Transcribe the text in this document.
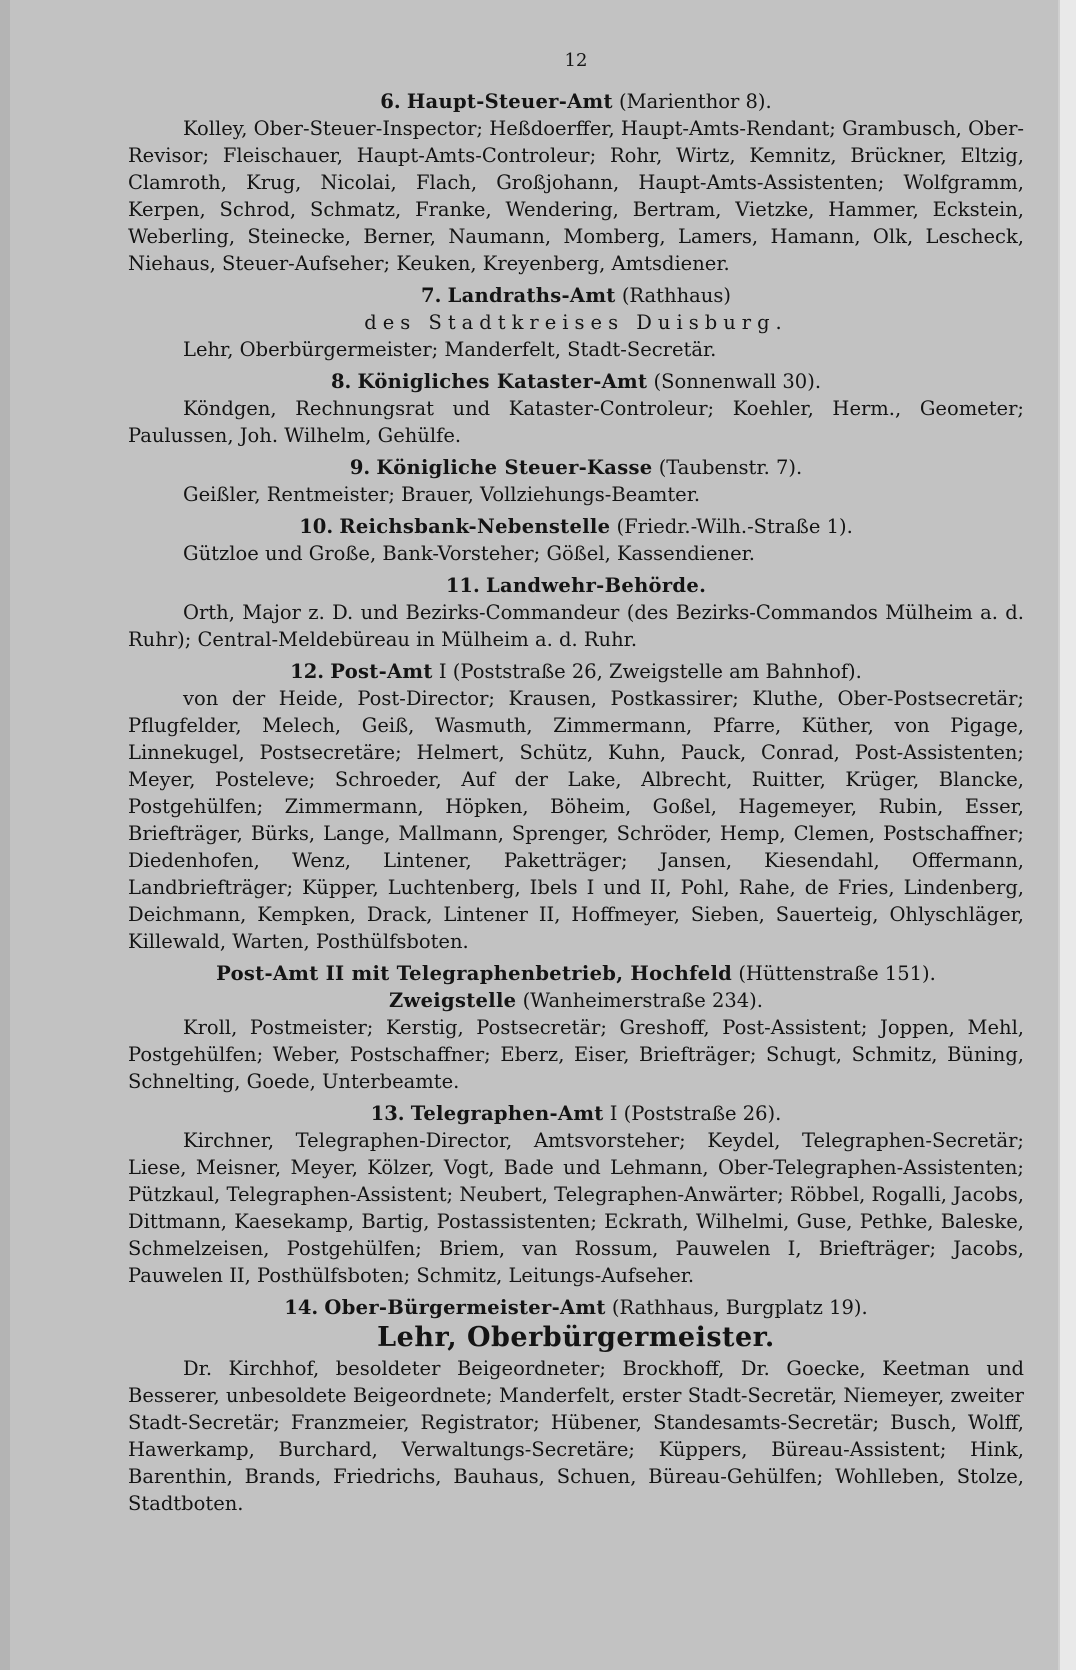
12
6. Haupt-Steuer-Amt (Marienthor 8).

Kolley, Ober-Steuer-Inspector; Heßdoerffer, Haupt-Amts-Rendant; Grambusch, Ober-Revisor; Fleischauer, Haupt-Amts-Controleur; Rohr, Wirtz, Kemnitz, Brückner, Eltzig, Clamroth, Krug, Nicolai, Flach, Großjohann, Haupt-Amts-Assistenten; Wolfgramm, Kerpen, Schrod, Schmatz, Franke, Wendering, Bertram, Vietzke, Hammer, Eckstein, Weberling, Steinecke, Berner, Naumann, Momberg, Lamers, Hamann, Olk, Lescheck, Niehaus, Steuer-Aufseher; Keuken, Kreyenberg, Amtsdiener.

7. Landraths-Amt (Rathhaus)
des Stadtkreises Duisburg.

Lehr, Oberbürgermeister; Manderfelt, Stadt-Secretär.

8. Königliches Kataster-Amt (Sonnenwall 30).

Köndgen, Rechnungsrat und Kataster-Controleur; Koehler, Herm., Geometer; Paulussen, Joh. Wilhelm, Gehülfe.

9. Königliche Steuer-Kasse (Taubenstr. 7).

Geißler, Rentmeister; Brauer, Vollziehungs-Beamter.

10. Reichsbank-Nebenstelle (Friedr.-Wilh.-Straße 1).

Gützloe und Große, Bank-Vorsteher; Gößel, Kassendiener.

11. Landwehr-Behörde.

Orth, Major z. D. und Bezirks-Commandeur (des Bezirks-Commandos Mülheim a. d. Ruhr); Central-Meldebüreau in Mülheim a. d. Ruhr.

12. Post-Amt I (Poststraße 26, Zweigstelle am Bahnhof).

von der Heide, Post-Director; Krausen, Postkassirer; Kluthe, Ober-Postsecretär; Pflugfelder, Melech, Geiß, Wasmuth, Zimmermann, Pfarre, Küther, von Pigage, Linnekugel, Postsecretäre; Helmert, Schütz, Kuhn, Pauck, Conrad, Post-Assistenten; Meyer, Posteleve; Schroeder, Auf der Lake, Albrecht, Ruitter, Krüger, Blancke, Postgehülfen; Zimmermann, Höpken, Böheim, Goßel, Hagemeyer, Rubin, Esser, Briefträger, Bürks, Lange, Mallmann, Sprenger, Schröder, Hemp, Clemen, Postschaffner; Diedenhofen, Wenz, Lintener, Paketträger; Jansen, Kiesendahl, Offermann, Landbriefträger; Küpper, Luchtenberg, Ibels I und II, Pohl, Rahe, de Fries, Lindenberg, Deichmann, Kempken, Drack, Lintener II, Hoffmeyer, Sieben, Sauerteig, Ohlyschläger, Killewald, Warten, Posthülfsboten.

Post-Amt II mit Telegraphenbetrieb, Hochfeld (Hüttenstraße 151).
Zweigstelle (Wanheimerstraße 234).

Kroll, Postmeister; Kerstig, Postsecretär; Greshoff, Post-Assistent; Joppen, Mehl, Postgehülfen; Weber, Postschaffner; Eberz, Eiser, Briefträger; Schugt, Schmitz, Büning, Schnelting, Goede, Unterbeamte.

13. Telegraphen-Amt I (Poststraße 26).

Kirchner, Telegraphen-Director, Amtsvorsteher; Keydel, Telegraphen-Secretär; Liese, Meisner, Meyer, Kölzer, Vogt, Bade und Lehmann, Ober-Telegraphen-Assistenten; Pützkaul, Telegraphen-Assistent; Neubert, Telegraphen-Anwärter; Röbbel, Rogalli, Jacobs, Dittmann, Kaesekamp, Bartig, Postassistenten; Eckrath, Wilhelmi, Guse, Pethke, Baleske, Schmelzeisen, Postgehülfen; Briem, van Rossum, Pauwelen I, Briefträger; Jacobs, Pauwelen II, Posthülfsboten; Schmitz, Leitungs-Aufseher.

14. Ober-Bürgermeister-Amt (Rathhaus, Burgplatz 19).
Lehr, Oberbürgermeister.

Dr. Kirchhof, besoldeter Beigeordneter; Brockhoff, Dr. Goecke, Keetman und Besserer, unbesoldete Beigeordnete; Manderfelt, erster Stadt-Secretär, Niemeyer, zweiter Stadt-Secretär; Franzmeier, Registrator; Hübener, Standesamts-Secretär; Busch, Wolff, Hawerkamp, Burchard, Verwaltungs-Secretäre; Küppers, Büreau-Assistent; Hink, Barenthin, Brands, Friedrichs, Bauhaus, Schuen, Büreau-Gehülfen; Wohlleben, Stolze, Stadtboten.
